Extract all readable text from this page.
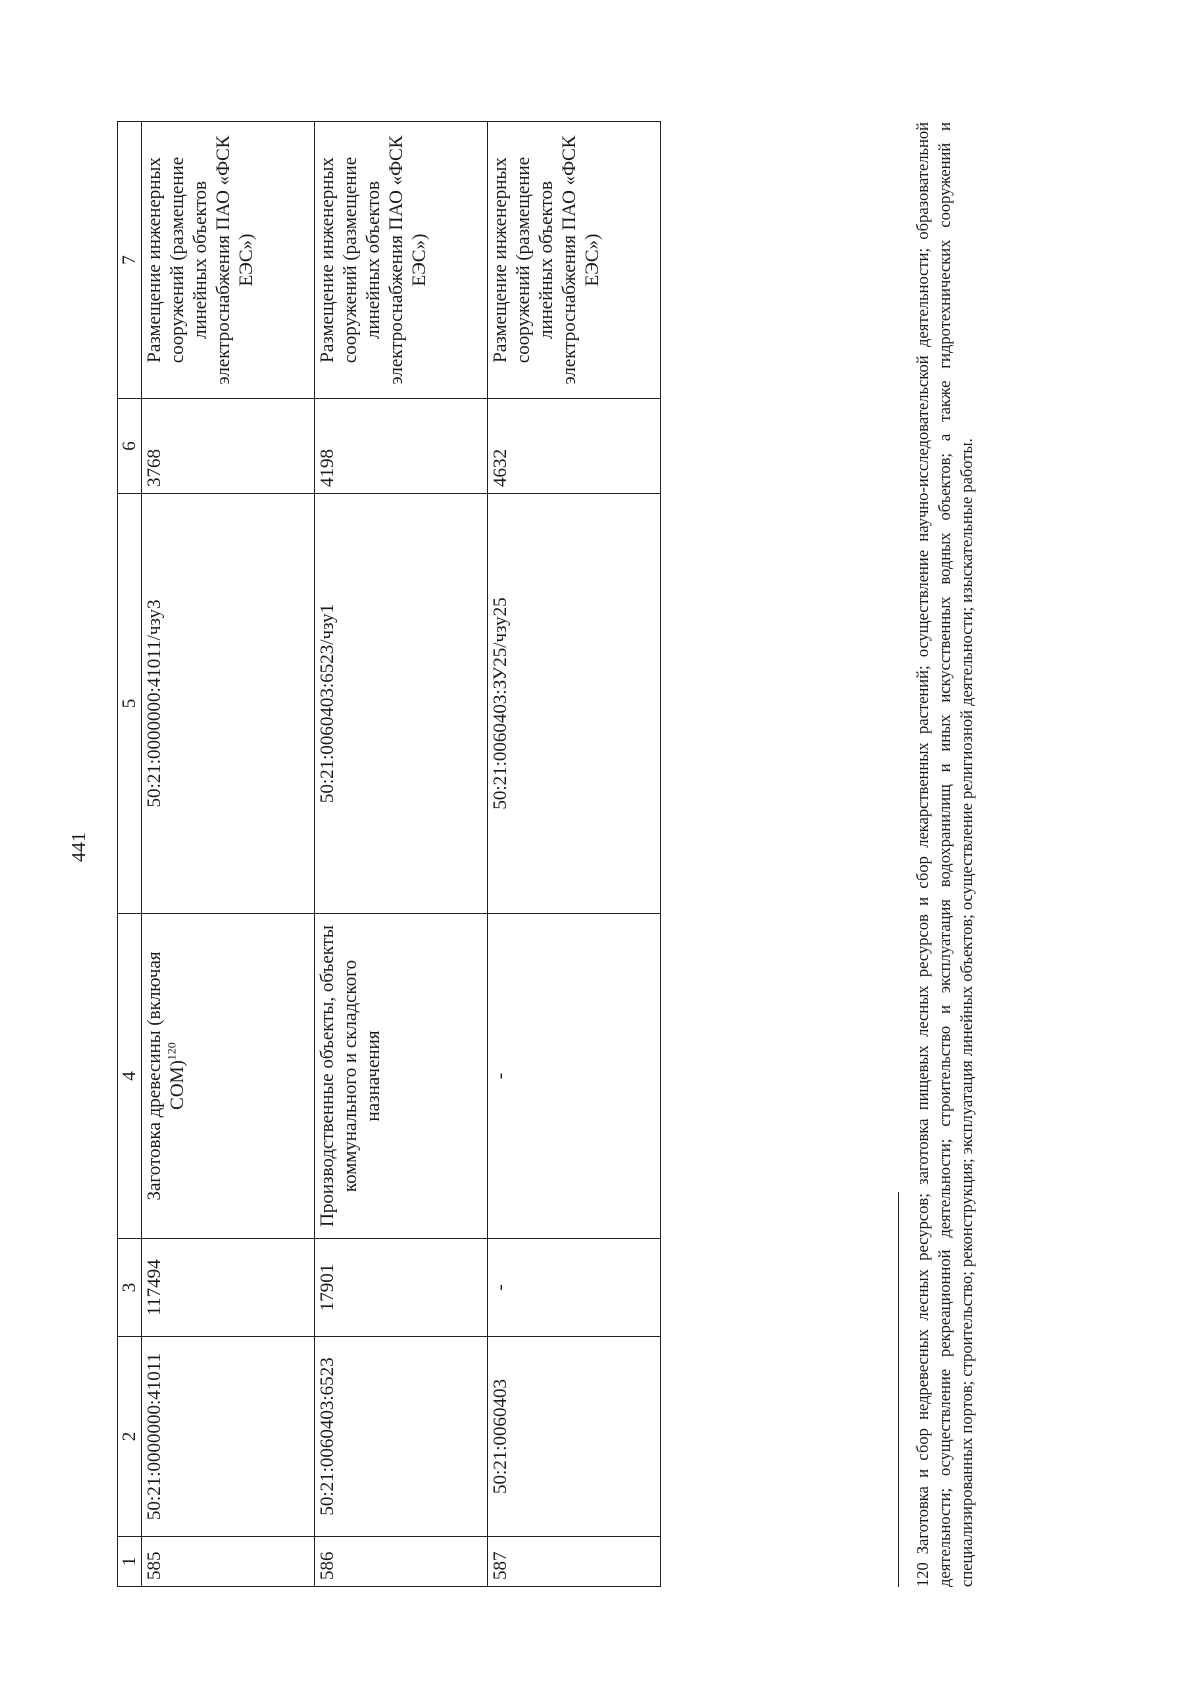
441
1	2	3	4	5	6	7
585	50:21:0000000:41011	117494	Заготовка древесины (включая СОМ)$^{120}$	50:21:0000000:41011/чзу3	3768	Размещение инженерных сооружений (размещение линейных объектов электроснабжения ПАО «ФСК ЕЭС»)
586	50:21:0060403:6523	17901	Производственные объекты, объекты коммунального и складского назначения	50:21:0060403:6523/чзу1	4198	Размещение инженерных сооружений (размещение линейных объектов электроснабжения ПАО «ФСК ЕЭС»)
587	50:21:0060403	-	-	50:21:0060403:ЗУ25/чзу25	4632	Размещение инженерных сооружений (размещение линейных объектов электроснабжения ПАО «ФСК ЕЭС»)
120Заготовка и сбор недревесных лесных ресурсов; заготовка пищевых лесных ресурсов и сбор лекарственных растений; осуществление научно-исследовательской деятельности; образовательной деятельности; осуществление рекреационной деятельности; строительство и эксплуатация водохранилищ и иных искусственных водных объектов; а также гидротехнических сооружений и специализированных портов; строительство; реконструкция; эксплуатация линейных объектов; осуществление религиозной деятельности; изыскательные работы.
